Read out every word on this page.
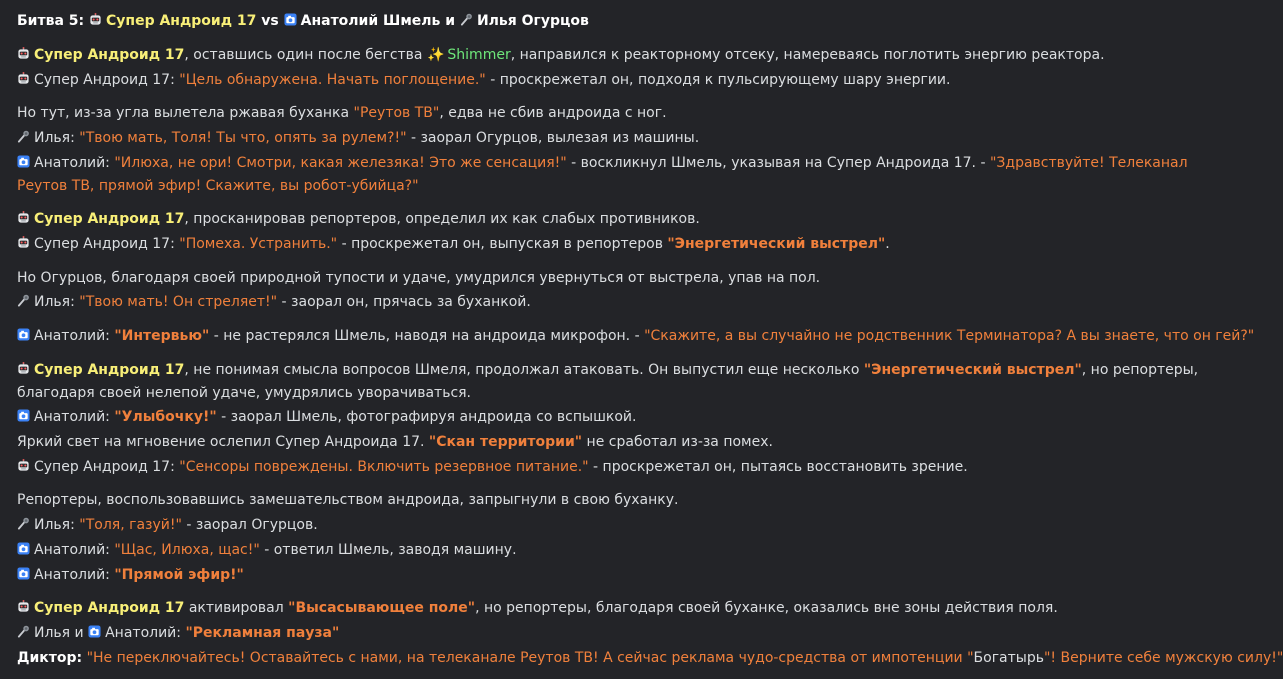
Битва 5: Супер Андроид 17 vs Анатолий Шмель и Илья Огурцов
Супер Андроид 17, оставшись один после бегства ✨ Shimmer, направился к реакторному отсеку, намереваясь поглотить энергию реактора.
Супер Андроид 17: "Цель обнаружена. Начать поглощение." - проскрежетал он, подходя к пульсирующему шару энергии.
Но тут, из-за угла вылетела ржавая буханка "Реутов ТВ", едва не сбив андроида с ног.
Илья: "Твою мать, Толя! Ты что, опять за рулем?!" - заорал Огурцов, вылезая из машины.
Анатолий: "Илюха, не ори! Смотри, какая железяка! Это же сенсация!" - воскликнул Шмель, указывая на Супер Андроида 17. - "Здравствуйте! Телеканал Реутов ТВ, прямой эфир! Скажите, вы робот-убийца?"
Супер Андроид 17, просканировав репортеров, определил их как слабых противников.
Супер Андроид 17: "Помеха. Устранить." - проскрежетал он, выпуская в репортеров "Энергетический выстрел".
Но Огурцов, благодаря своей природной тупости и удаче, умудрился увернуться от выстрела, упав на пол.
Илья: "Твою мать! Он стреляет!" - заорал он, прячась за буханкой.
Анатолий: "Интервью" - не растерялся Шмель, наводя на андроида микрофон. - "Скажите, а вы случайно не родственник Терминатора? А вы знаете, что он гей?"
Супер Андроид 17, не понимая смысла вопросов Шмеля, продолжал атаковать. Он выпустил еще несколько "Энергетический выстрел", но репортеры, благодаря своей нелепой удаче, умудрялись уворачиваться.
Анатолий: "Улыбочку!" - заорал Шмель, фотографируя андроида со вспышкой.
Яркий свет на мгновение ослепил Супер Андроида 17. "Скан территории" не сработал из-за помех.
Супер Андроид 17: "Сенсоры повреждены. Включить резервное питание." - проскрежетал он, пытаясь восстановить зрение.
Репортеры, воспользовавшись замешательством андроида, запрыгнули в свою буханку.
Илья: "Толя, газуй!" - заорал Огурцов.
Анатолий: "Щас, Илюха, щас!" - ответил Шмель, заводя машину.
Анатолий: "Прямой эфир!"
Супер Андроид 17 активировал "Высасывающее поле", но репортеры, благодаря своей буханке, оказались вне зоны действия поля.
Илья и Анатолий: "Рекламная пауза"
Диктор: "Не переключайтесь! Оставайтесь с нами, на телеканале Реутов ТВ! А сейчас реклама чудо-средства от импотенции "Богатырь"! Верните себе мужскую силу!"
